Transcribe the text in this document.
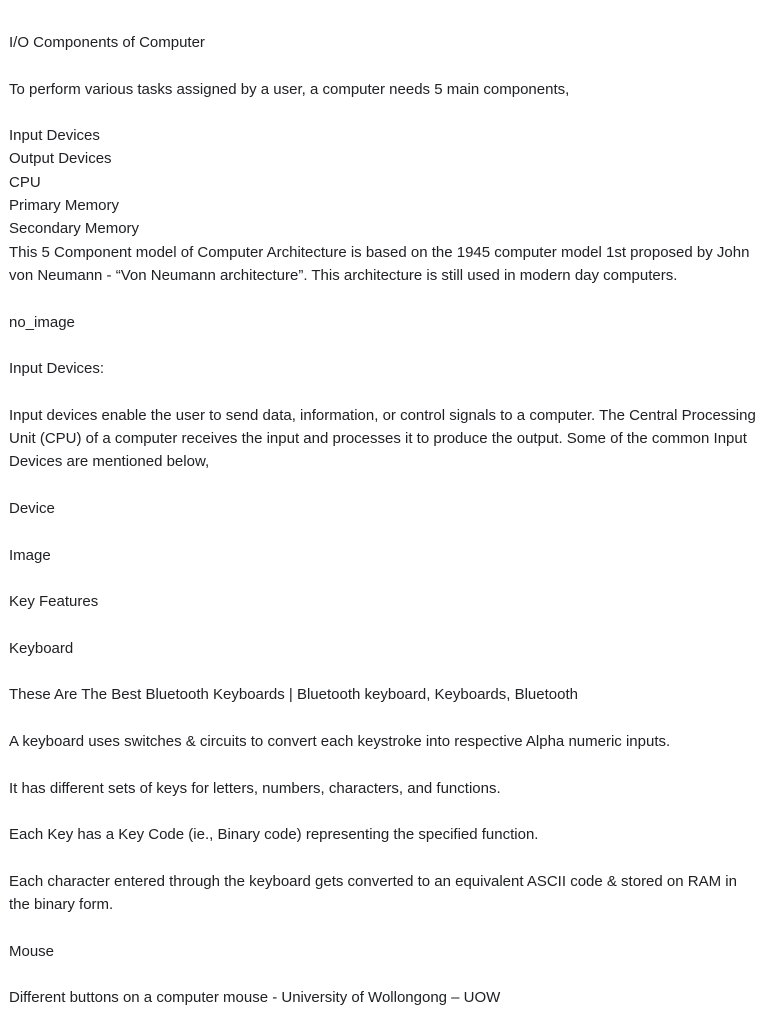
I/O Components of Computer

To perform various tasks assigned by a user, a computer needs 5 main components,

Input Devices
Output Devices
CPU
Primary Memory
Secondary Memory

This 5 Component model of Computer Architecture is based on the 1945 computer model 1st proposed by John von Neumann - “Von Neumann architecture”. This architecture is still used in modern day computers.

no_image

Input Devices:

Input devices enable the user to send data, information, or control signals to a computer. The Central Processing Unit (CPU) of a computer receives the input and processes it to produce the output. Some of the common Input Devices are mentioned below,

Device

Image

Key Features

Keyboard

These Are The Best Bluetooth Keyboards | Bluetooth keyboard, Keyboards, Bluetooth

A keyboard uses switches & circuits to convert each keystroke into respective Alpha numeric inputs.

It has different sets of keys for letters, numbers, characters, and functions.

Each Key has a Key Code (ie., Binary code) representing the specified function.

Each character entered through the keyboard gets converted to an equivalent ASCII code & stored on RAM in the binary form.

Mouse

Different buttons on a computer mouse - University of Wollongong – UOW
